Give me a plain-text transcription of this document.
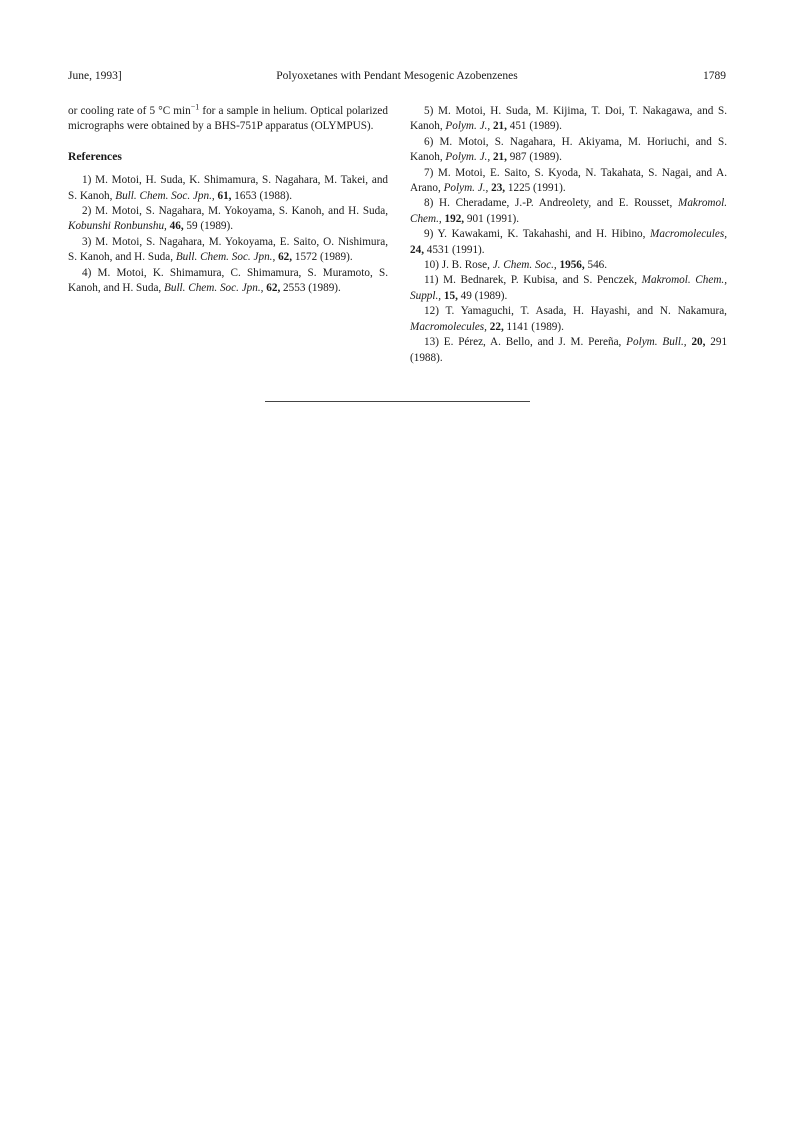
June, 1993]	Polyoxetanes with Pendant Mesogenic Azobenzenes	1789

or cooling rate of 5 °C $\min^{-1}$ for a sample in helium. Optical polarized micrographs were obtained by a BHS-751P apparatus (OLYMPUS).

References

1) M. Motoi, H. Suda, K. Shimamura, S. Nagahara, M. Takei, and S. Kanoh, Bull. Chem. Soc. Jpn., 61, 1653 (1988).

2) M. Motoi, S. Nagahara, M. Yokoyama, S. Kanoh, and H. Suda, Kobunshi Ronbunshu, 46, 59 (1989).

3) M. Motoi, S. Nagahara, M. Yokoyama, E. Saito, O. Nishimura, S. Kanoh, and H. Suda, Bull. Chem. Soc. Jpn., 62, 1572 (1989).

4) M. Motoi, K. Shimamura, C. Shimamura, S. Muramoto, S. Kanoh, and H. Suda, Bull. Chem. Soc. Jpn., 62, 2553 (1989).

5) M. Motoi, H. Suda, M. Kijima, T. Doi, T. Nakagawa, and S. Kanoh, Polym. J., 21, 451 (1989).

6) M. Motoi, S. Nagahara, H. Akiyama, M. Horiuchi, and S. Kanoh, Polym. J., 21, 987 (1989).

7) M. Motoi, E. Saito, S. Kyoda, N. Takahata, S. Nagai, and A. Arano, Polym. J., 23, 1225 (1991).

8) H. Cheradame, J.-P. Andreolety, and E. Rousset, Makromol. Chem., 192, 901 (1991).

9) Y. Kawakami, K. Takahashi, and H. Hibino, Macromolecules, 24, 4531 (1991).

10) J. B. Rose, J. Chem. Soc., 1956, 546.

11) M. Bednarek, P. Kubisa, and S. Penczek, Makromol. Chem., Suppl., 15, 49 (1989).

12) T. Yamaguchi, T. Asada, H. Hayashi, and N. Nakamura, Macromolecules, 22, 1141 (1989).

13) E. Pérez, A. Bello, and J. M. Pereña, Polym. Bull., 20, 291 (1988).
